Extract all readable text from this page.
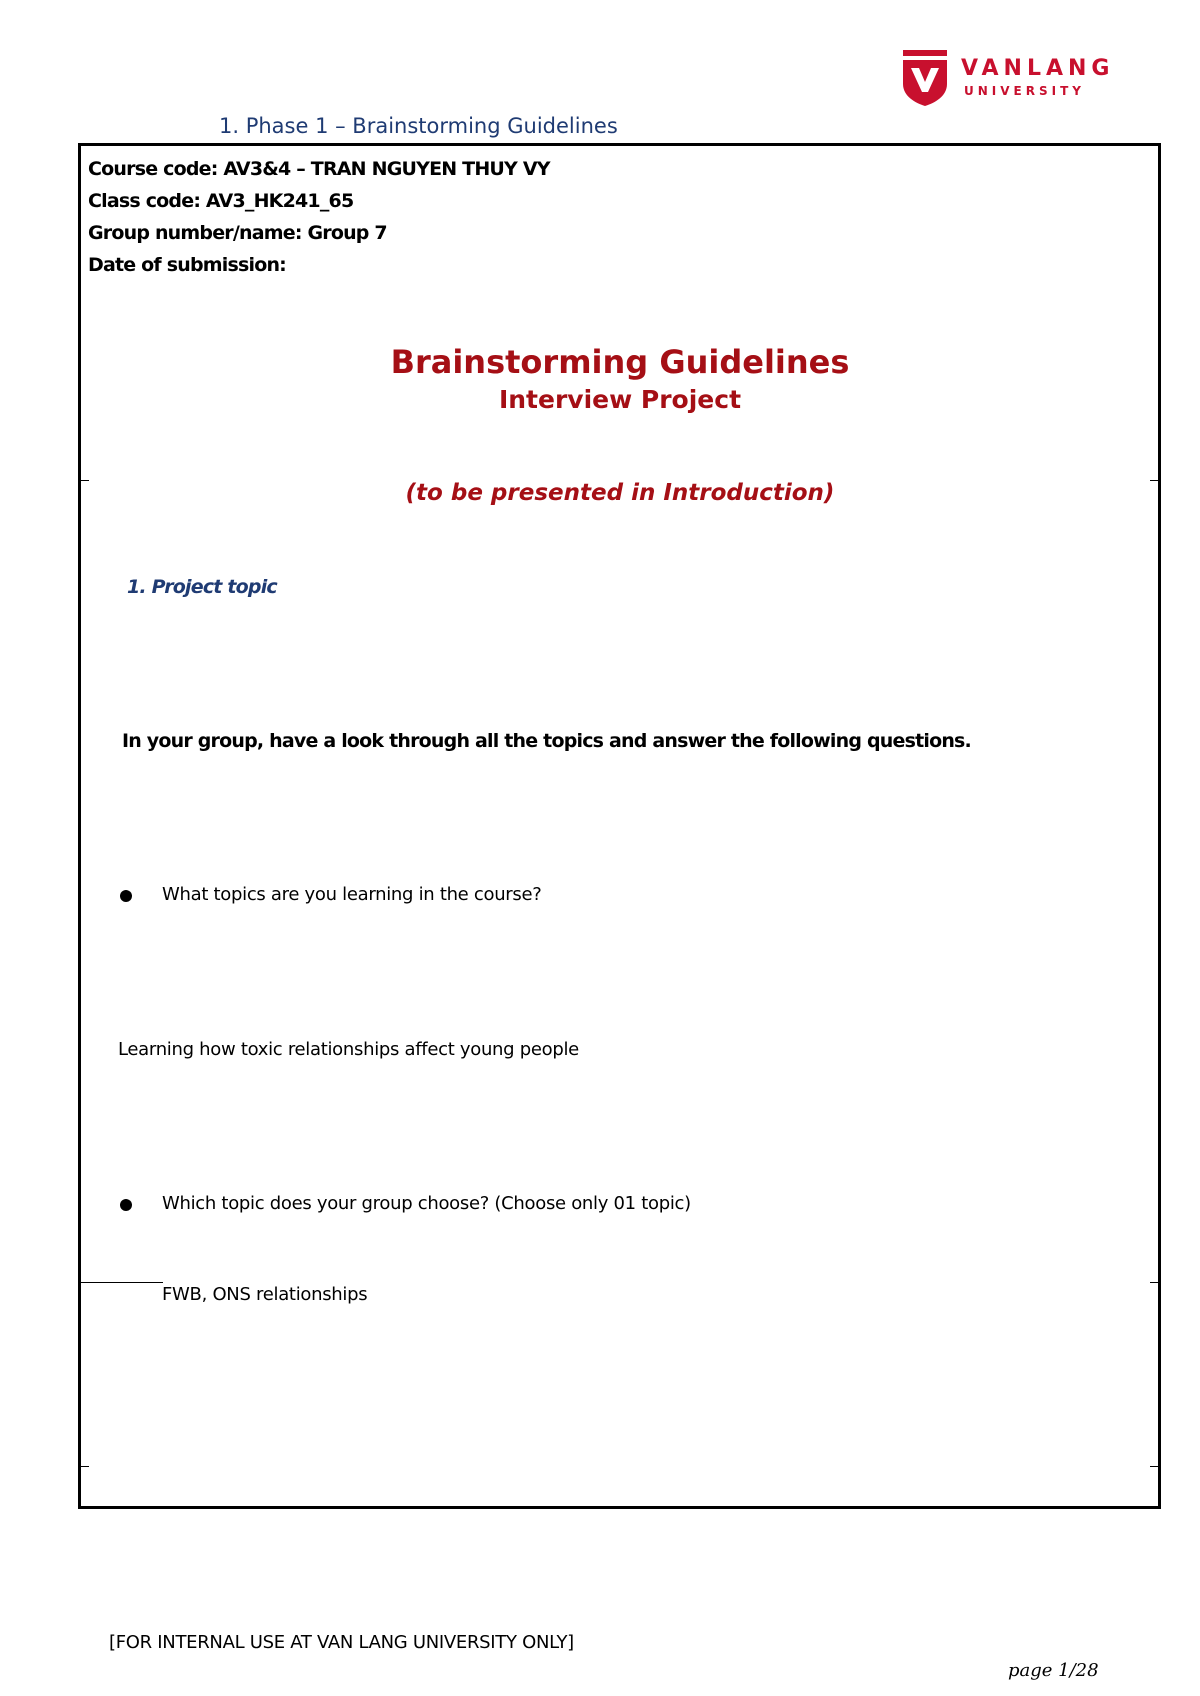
VANLANG
UNIVERSITY
1. Phase 1 – Brainstorming Guidelines
Course code: AV3&4 – TRAN NGUYEN THUY VY
Class code: AV3_HK241_65
Group number/name: Group 7
Date of submission:
Brainstorming Guidelines
Interview Project
(to be presented in Introduction)
1. Project topic
In your group, have a look through all the topics and answer the following questions.
What topics are you learning in the course?
Learning how toxic relationships affect young people
Which topic does your group choose? (Choose only 01 topic)
FWB, ONS relationships
[FOR INTERNAL USE AT VAN LANG UNIVERSITY ONLY]
page 1/28
